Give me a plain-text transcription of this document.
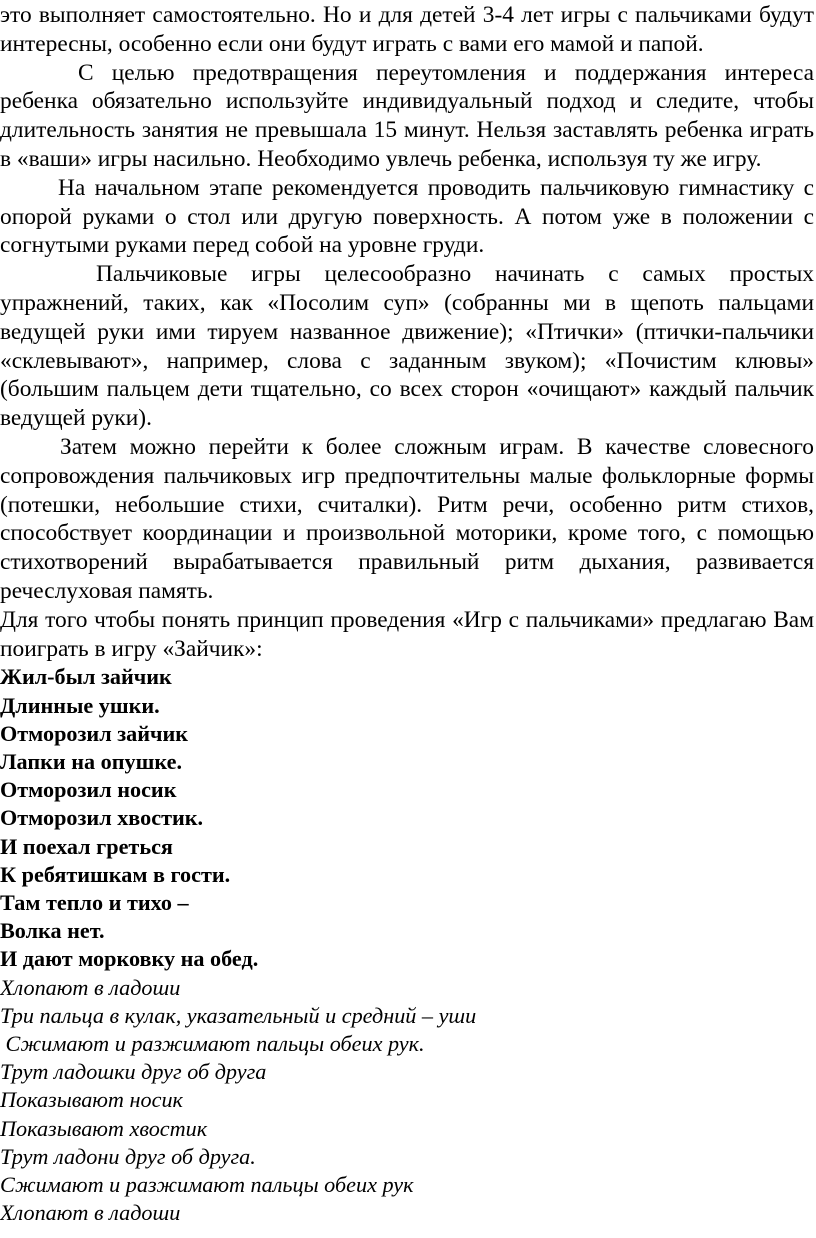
это выполняет самостоятельно. Но и для детей 3-4 лет игры с пальчиками будут интересны, особенно если они будут играть с вами его мамой и папой.

С целью предотвращения переутомления и поддержания интереса ребенка обязательно используйте индивидуальный подход и следите, чтобы длительность занятия не превышала 15 минут. Нельзя заставлять ребенка играть в «ваши» игры насильно. Необходимо увлечь ребенка, используя ту же игру.

На начальном этапе рекомендуется проводить пальчиковую гимнастику с опорой руками о стол или другую поверхность. А потом уже в положении с согнутыми руками перед собой на уровне груди.

Пальчиковые игры целесообразно начинать с самых простых упражнений, таких, как «Посолим суп» (собранны ми в щепоть пальцами ведущей руки ими тируем названное движение); «Птички» (птички-пальчики «склевывают», например, слова с заданным звуком); «Почистим клювы» (большим пальцем дети тщательно, со всех сторон «очищают» каждый пальчик ведущей руки).

Затем можно перейти к более сложным играм. В качестве словесного сопровождения пальчиковых игр предпочтительны малые фольклорные формы (потешки, небольшие стихи, считалки). Ритм речи, особенно ритм стихов, способствует координации и произвольной моторики, кроме того, с помощью стихотворений вырабатывается правильный ритм дыхания, развивается речеслуховая память.

Для того чтобы понять принцип проведения «Игр с пальчиками» предлагаю Вам поиграть в игру «Зайчик»:

Жил-был зайчик
Длинные ушки.
Отморозил зайчик
Лапки на опушке.
Отморозил носик
Отморозил хвостик.
И поехал греться
К ребятишкам в гости.
Там тепло и тихо –
Волка нет.
И дают морковку на обед.
Хлопают в ладоши
Три пальца в кулак, указательный и средний – уши
Сжимают и разжимают пальцы обеих рук.
Трут ладошки друг об друга
Показывают носик
Показывают хвостик
Трут ладони друг об друга.
Сжимают и разжимают пальцы обеих рук
Хлопают в ладоши
